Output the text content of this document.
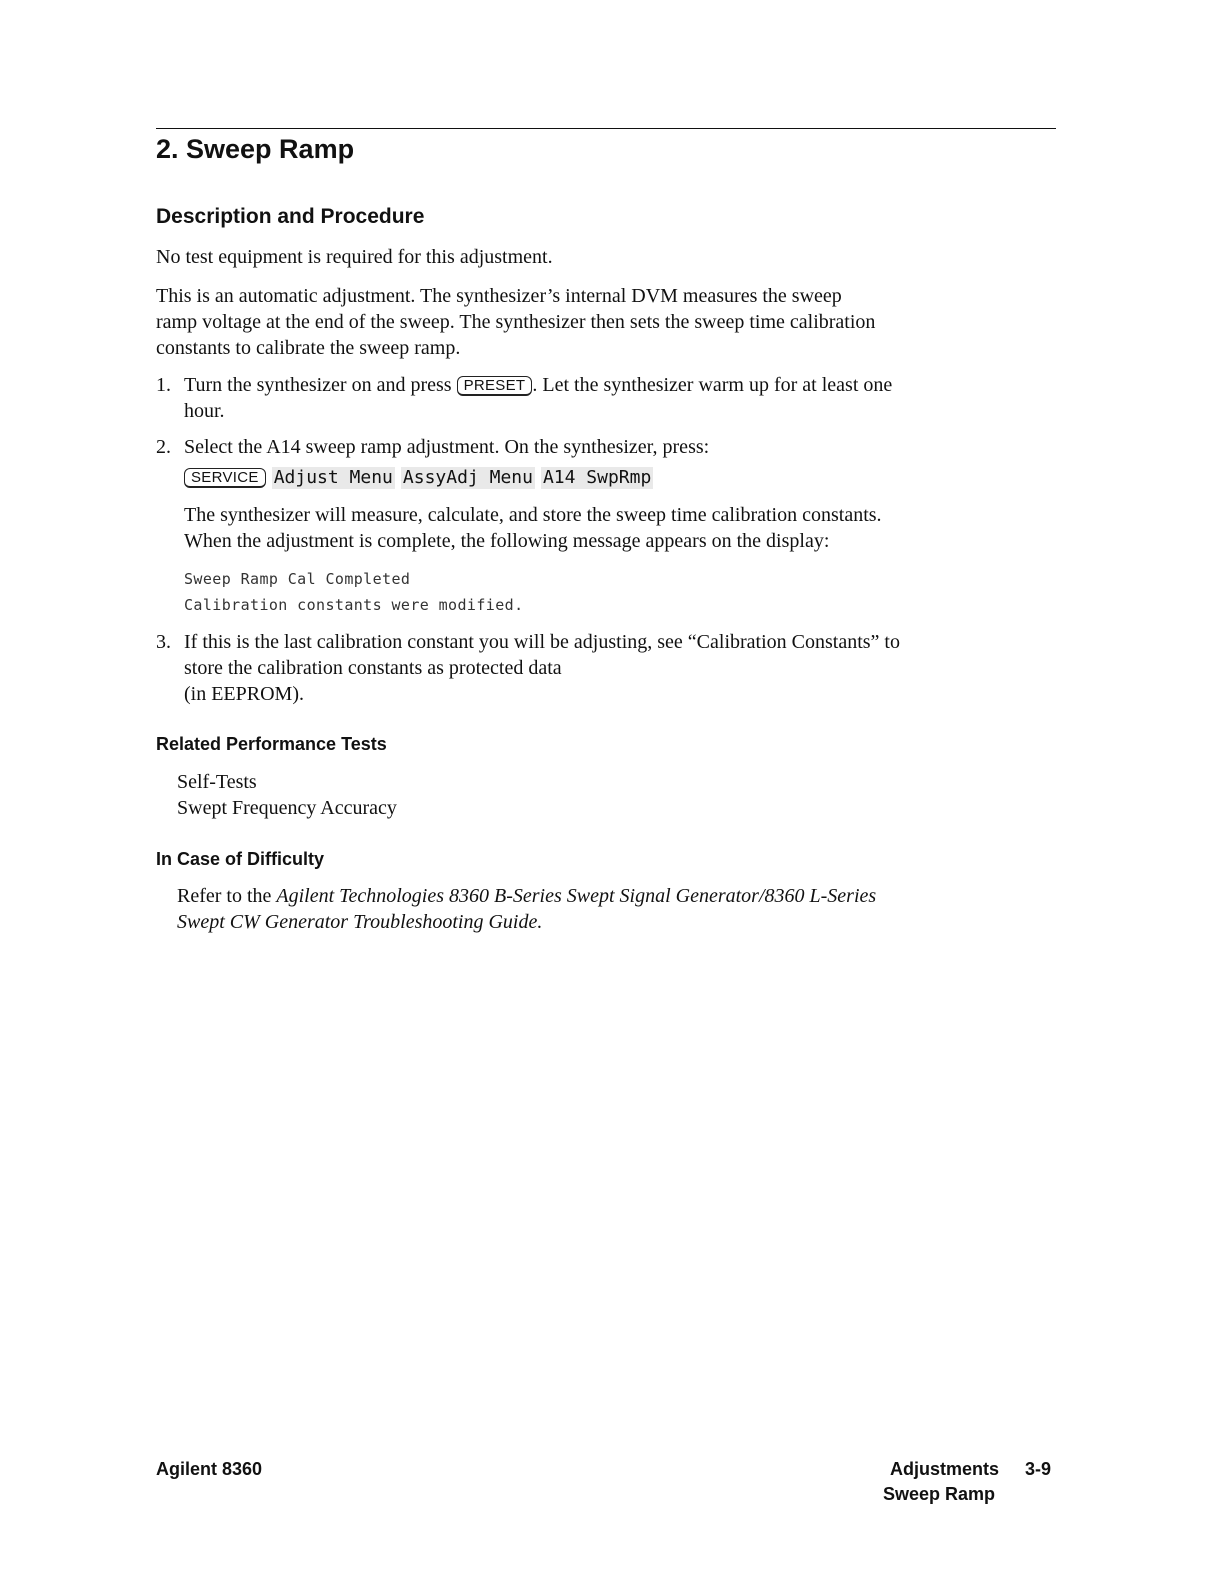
2. Sweep Ramp
Description and Procedure

No test equipment is required for this adjustment.

This is an automatic adjustment. The synthesizer’s internal DVM measures the sweep
ramp voltage at the end of the sweep. The synthesizer then sets the sweep time calibration
constants to calibrate the sweep ramp.
1. Turn the synthesizer on and press PRESET . Let the synthesizer warm up for at least one
hour.
2. Select the A14 sweep ramp adjustment. On the synthesizer, press:
SERVICE Adjust Menu AssyAdj Menu A14 SwpRmp
The synthesizer will measure, calculate, and store the sweep time calibration constants.
When the adjustment is complete, the following message appears on the display:
Sweep Ramp Cal Completed
Calibration constants were modified.
3. If this is the last calibration constant you will be adjusting, see “Calibration Constants” to
store the calibration constants as protected data
(in EEPROM).
Related Performance Tests
Self-Tests
Swept Frequency Accuracy
In Case of Difficulty
Refer to the Agilent Technologies 8360 B-Series Swept Signal Generator/8360 L-Series
Swept CW Generator Troubleshooting Guide.
Agilent 8360	Adjustments 3-9
Sweep Ramp
